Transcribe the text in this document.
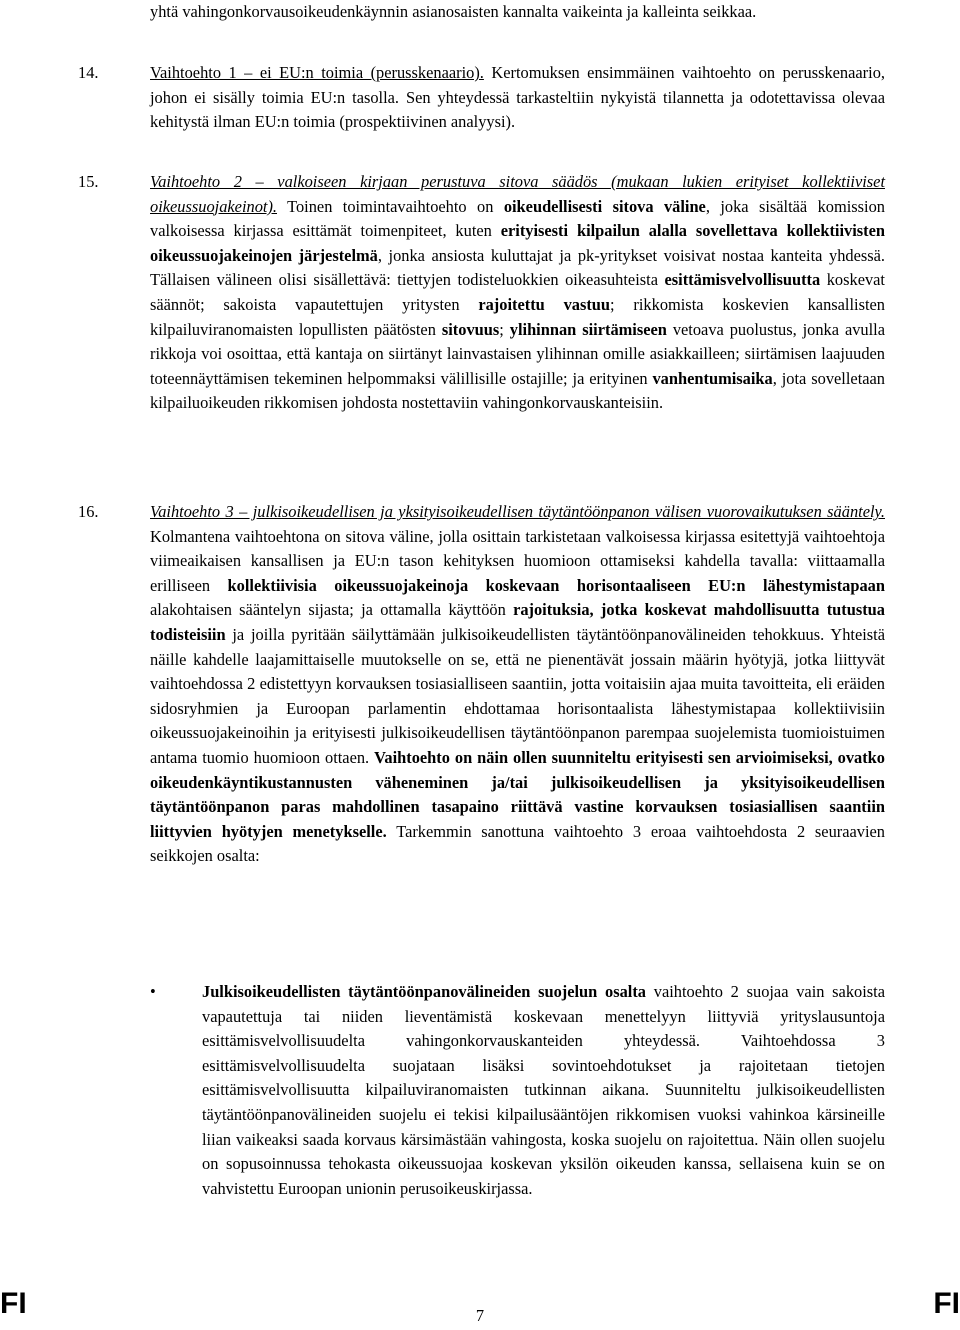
yhtä vahingonkorvausoikeudenkäynnin asianosaisten kannalta vaikeinta ja kalleinta seikkaa.
14.	Vaihtoehto 1 – ei EU:n toimia (perusskenaario). Kertomuksen ensimmäinen vaihtoehto on perusskenaario, johon ei sisälly toimia EU:n tasolla. Sen yhteydessä tarkasteltiin nykyistä tilannetta ja odotettavissa olevaa kehitystä ilman EU:n toimia (prospektiivinen analyysi).
15.	Vaihtoehto 2 – valkoiseen kirjaan perustuva sitova säädös (mukaan lukien erityiset kollektiiviset oikeussuojakeinot). Toinen toimintavaihtoehto on oikeudellisesti sitova väline, joka sisältää komission valkoisessa kirjassa esittämät toimenpiteet, kuten erityisesti kilpailun alalla sovellettava kollektiivisten oikeussuojakeinojen järjestelmä, jonka ansiosta kuluttajat ja pk-yritykset voisivat nostaa kanteita yhdessä. Tällaisen välineen olisi sisällettävä: tiettyjen todisteluokkien oikeasuhteista esittämisvelvollisuutta koskevat säännöt; sakoista vapautettujen yritysten rajoitettu vastuu; rikkomista koskevien kansallisten kilpailuviranomaisten lopullisten päätösten sitovuus; ylihinnan siirtämiseen vetoava puolustus, jonka avulla rikkoja voi osoittaa, että kantaja on siirtänyt lainvastaisen ylihinnan omille asiakkailleen; siirtämisen laajuuden toteennäyttämisen tekeminen helpommaksi välillisille ostajille; ja erityinen vanhentumisaika, jota sovelletaan kilpailuoikeuden rikkomisen johdosta nostettaviin vahingonkorvauskanteisiin.
16.	Vaihtoehto 3 – julkisoikeudellisen ja yksityisoikeudellisen täytäntöönpanon välisen vuorovaikutuksen sääntely. Kolmantena vaihtoehtona on sitova väline, jolla osittain tarkistetaan valkoisessa kirjassa esitettyjä vaihtoehtoja viimeaikaisen kansallisen ja EU:n tason kehityksen huomioon ottamiseksi kahdella tavalla: viittaamalla erilliseen kollektiivisia oikeussuojakeinoja koskevaan horisontaaliseen EU:n lähestymistapaan alakohtaisen sääntelyn sijasta; ja ottamalla käyttöön rajoituksia, jotka koskevat mahdollisuutta tutustua todisteisiin ja joilla pyritään säilyttämään julkisoikeudellisten täytäntöönpanovälineiden tehokkuus. Yhteistä näille kahdelle laajamittaiselle muutokselle on se, että ne pienentävät jossain määrin hyötyjä, jotka liittyvät vaihtoehdossa 2 edistettyyn korvauksen tosiasialliseen saantiin, jotta voitaisiin ajaa muita tavoitteita, eli eräiden sidosryhmien ja Euroopan parlamentin ehdottamaa horisontaalista lähestymistapaa kollektiivisiin oikeussuojakeinoihin ja erityisesti julkisoikeudellisen täytäntöönpanon parempaa suojelemista tuomioistuimen antama tuomio huomioon ottaen. Vaihtoehto on näin ollen suunniteltu erityisesti sen arvioimiseksi, ovatko oikeudenkäyntikustannusten väheneminen ja/tai julkisoikeudellisen ja yksityisoikeudellisen täytäntöönpanon paras mahdollinen tasapaino riittävä vastine korvauksen tosiasiallisen saantiin liittyvien hyötyjen menetykselle. Tarkemmin sanottuna vaihtoehto 3 eroaa vaihtoehdosta 2 seuraavien seikkojen osalta:
•	Julkisoikeudellisten täytäntöönpanovälineiden suojelun osalta vaihtoehto 2 suojaa vain sakoista vapautettuja tai niiden lieventämistä koskevaan menettelyyn liittyviä yrityslausuntoja esittämisvelvollisuudelta vahingonkorvauskanteiden yhteydessä. Vaihtoehdossa 3 esittämisvelvollisuudelta suojataan lisäksi sovintoehdotukset ja rajoitetaan tietojen esittämisvelvollisuutta kilpailuviranomaisten tutkinnan aikana. Suunniteltu julkisoikeudellisten täytäntöönpanovälineiden suojelu ei tekisi kilpailusääntöjen rikkomisen vuoksi vahinkoa kärsineille liian vaikeaksi saada korvaus kärsimästään vahingosta, koska suojelu on rajoitettua. Näin ollen suojelu on sopusoinnussa tehokasta oikeussuojaa koskevan yksilön oikeuden kanssa, sellaisena kuin se on vahvistettu Euroopan unionin perusoikeuskirjassa.
FI	7	FI
